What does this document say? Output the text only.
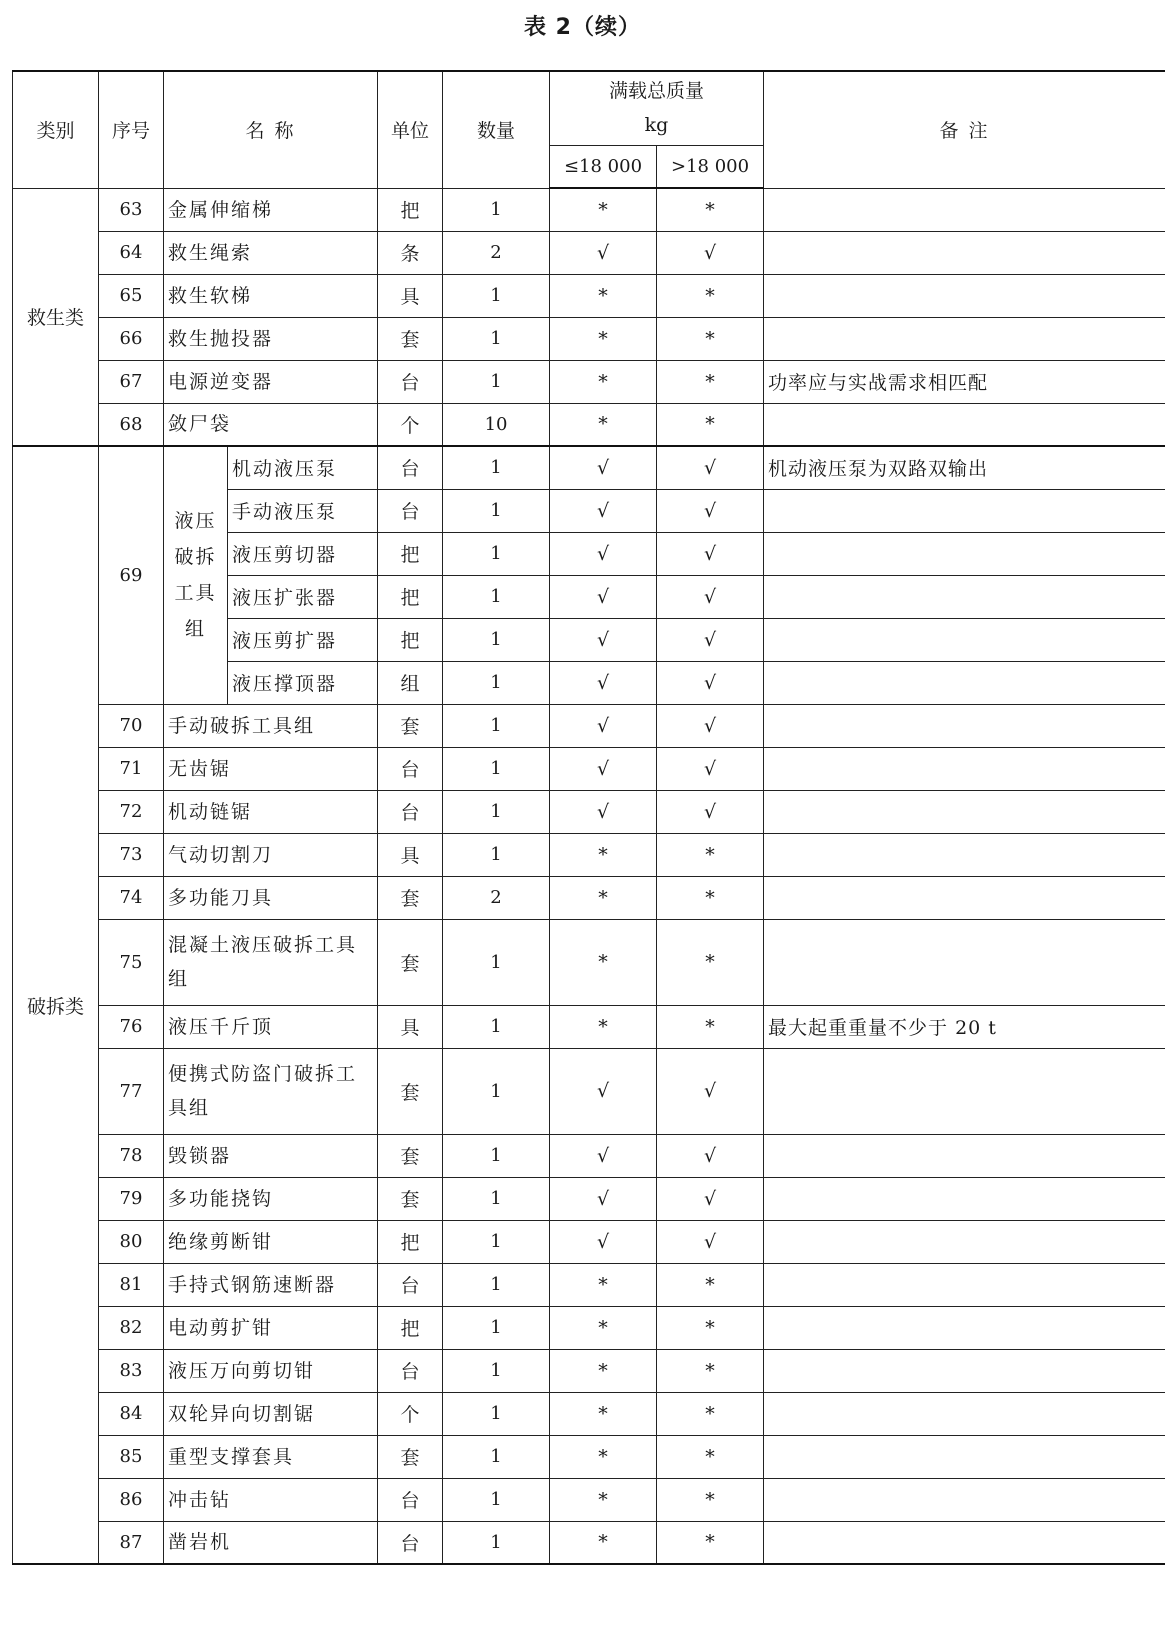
表 2（续）
类别	序号	名 称		单位	数量	满载总质量
kg		备 注
						≤18 000	>18 000	
救生类	63	金属伸缩梯		把	1	*	*	
	64	救生绳索		条	2	√	√	
	65	救生软梯		具	1	*	*	
	66	救生抛投器		套	1	*	*	
	67	电源逆变器		台	1	*	*	功率应与实战需求相匹配
	68	敛尸袋		个	10	*	*	
破拆类	69	液压破拆工具组	机动液压泵	台	1	√	√	机动液压泵为双路双输出
			手动液压泵	台	1	√	√	
			液压剪切器	把	1	√	√	
			液压扩张器	把	1	√	√	
			液压剪扩器	把	1	√	√	
			液压撑顶器	组	1	√	√	
	70	手动破拆工具组		套	1	√	√	
	71	无齿锯		台	1	√	√	
	72	机动链锯		台	1	√	√	
	73	气动切割刀		具	1	*	*	
	74	多功能刀具		套	2	*	*	
	75	混凝土液压破拆工具组		套	1	*	*	
	76	液压千斤顶		具	1	*	*	最大起重重量不少于 20 t
	77	便携式防盗门破拆工具组		套	1	√	√	
	78	毁锁器		套	1	√	√	
	79	多功能挠钩		套	1	√	√	
	80	绝缘剪断钳		把	1	√	√	
	81	手持式钢筋速断器		台	1	*	*	
	82	电动剪扩钳		把	1	*	*	
	83	液压万向剪切钳		台	1	*	*	
	84	双轮异向切割锯		个	1	*	*	
	85	重型支撑套具		套	1	*	*	
	86	冲击钻		台	1	*	*	
	87	凿岩机		台	1	*	*	
